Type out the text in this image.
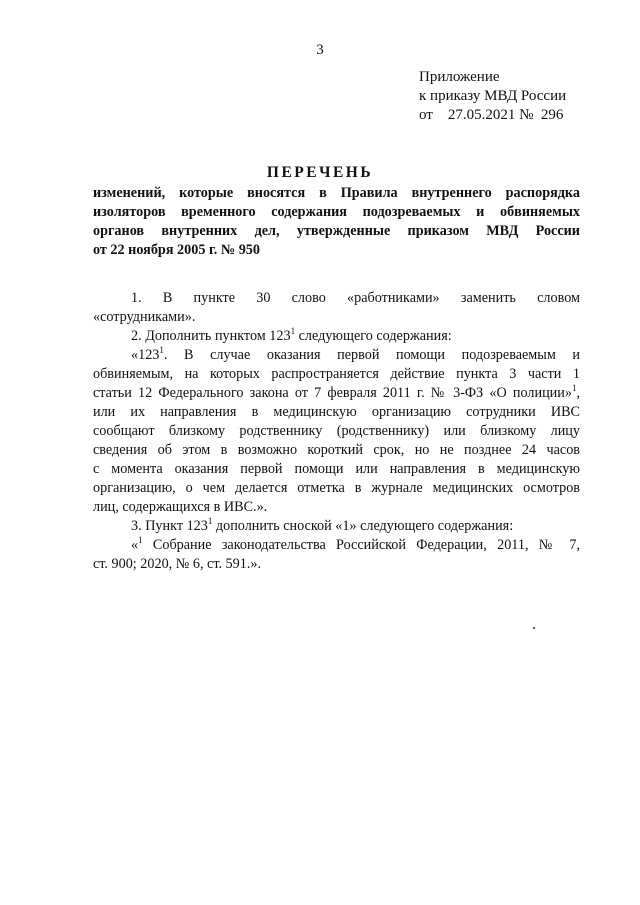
3
Приложение
к приказу МВД России
от    27.05.2021 №  296
ПЕРЕЧЕНЬ
изменений, которые вносятся в Правила внутреннего распорядка
изоляторов временного содержания подозреваемых и обвиняемых
органов внутренних дел, утвержденные приказом МВД России
от 22 ноября 2005 г. № 950
1. В пункте 30 слово «работниками» заменить словом
«сотрудниками».
2. Дополнить пунктом $123^1$ следующего содержания:
«$123^1$. В случае оказания первой помощи подозреваемым и
обвиняемым, на которых распространяется действие пункта 3 части 1
статьи 12 Федерального закона от 7 февраля 2011 г. № 3-ФЗ «О полиции»$^1$,
или их направления в медицинскую организацию сотрудники ИВС
сообщают близкому родственнику (родственнику) или близкому лицу
сведения об этом в возможно короткий срок, но не позднее 24 часов
с момента оказания первой помощи или направления в медицинскую
организацию, о чем делается отметка в журнале медицинских осмотров
лиц, содержащихся в ИВС.».
3. Пункт $123^1$ дополнить сноской «1» следующего содержания:
«$^1$ Собрание законодательства Российской Федерации, 2011, № 7,
ст. 900; 2020, № 6, ст. 591.».
